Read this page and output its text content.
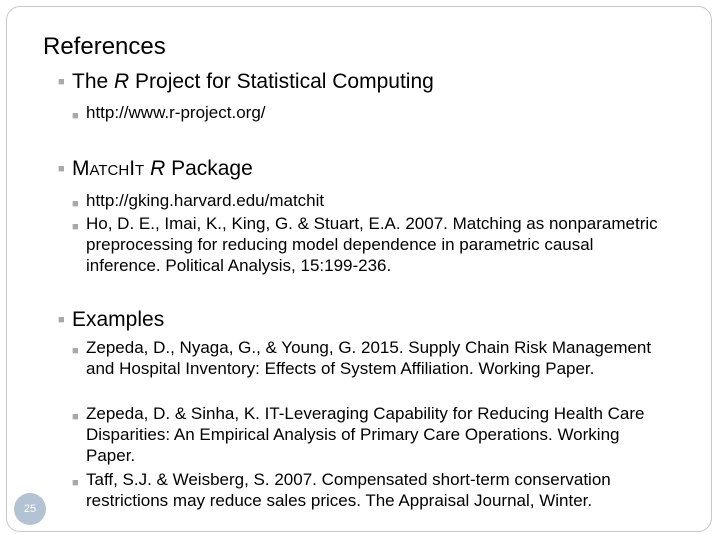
References
■ The R Project for Statistical Computing
■ http://www.r-project.org/
■ MatchIt R Package
■ http://gking.harvard.edu/matchit
■ Ho, D. E., Imai, K., King, G. & Stuart, E.A. 2007. Matching as nonparametric preprocessing for reducing model dependence in parametric causal inference. Political Analysis, 15:199-236.
■ Examples
■ Zepeda, D., Nyaga, G., & Young, G. 2015. Supply Chain Risk Management and Hospital Inventory: Effects of System Affiliation. Working Paper.
■ Zepeda, D. & Sinha, K. IT-Leveraging Capability for Reducing Health Care Disparities: An Empirical Analysis of Primary Care Operations. Working Paper.
■ Taff, S.J. & Weisberg, S. 2007. Compensated short-term conservation restrictions may reduce sales prices. The Appraisal Journal, Winter.
25
